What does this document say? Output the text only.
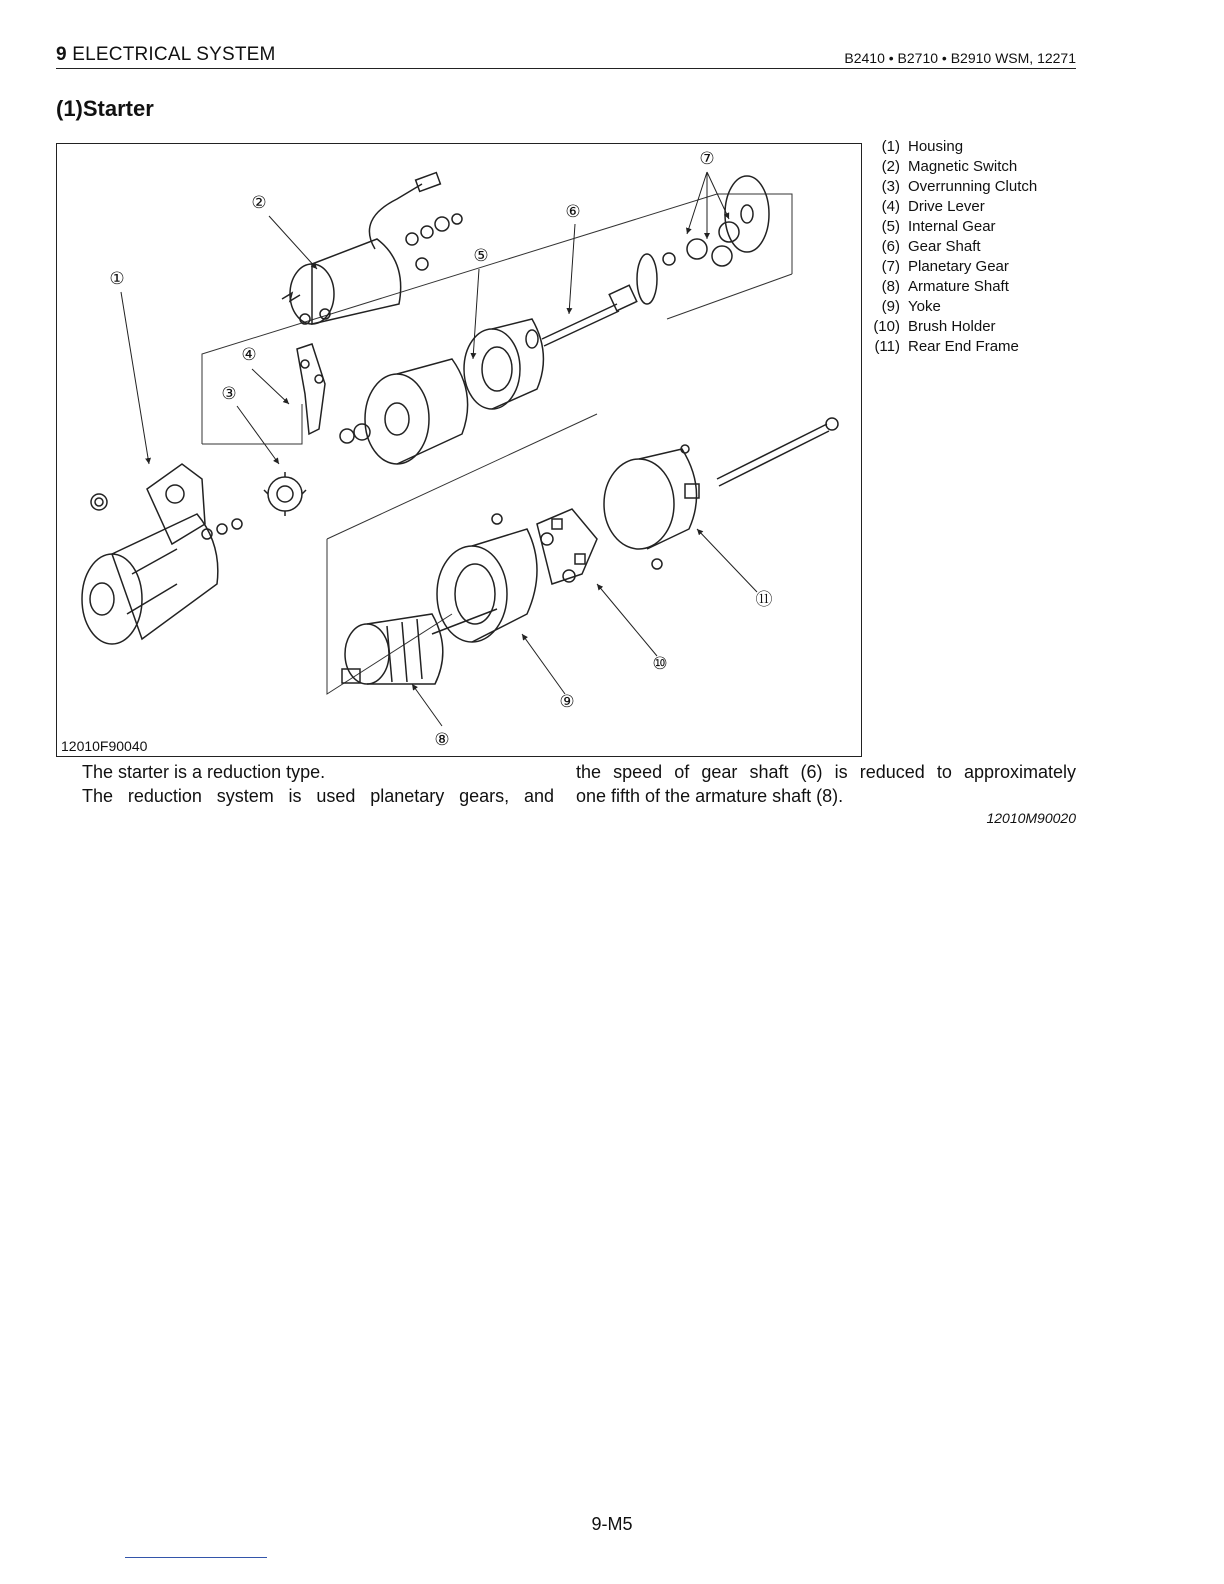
9 ELECTRICAL SYSTEM	B2410 • B2710 • B2910 WSM, 12271
(1)Starter
①
②
③
④
⑤
⑥
⑦
⑧
⑨
⑩
⑪
12010F90040
(1) Housing
(2) Magnetic Switch
(3) Overrunning Clutch
(4) Drive Lever
(5) Internal Gear
(6) Gear Shaft
(7) Planetary Gear
(8) Armature Shaft
(9) Yoke
(10) Brush Holder
(11) Rear End Frame

The starter is a reduction type.

The reduction system is used planetary gears, and

the speed of gear shaft (6) is reduced to approximately

one fifth of the armature shaft (8).

12010M90020
9-M5
